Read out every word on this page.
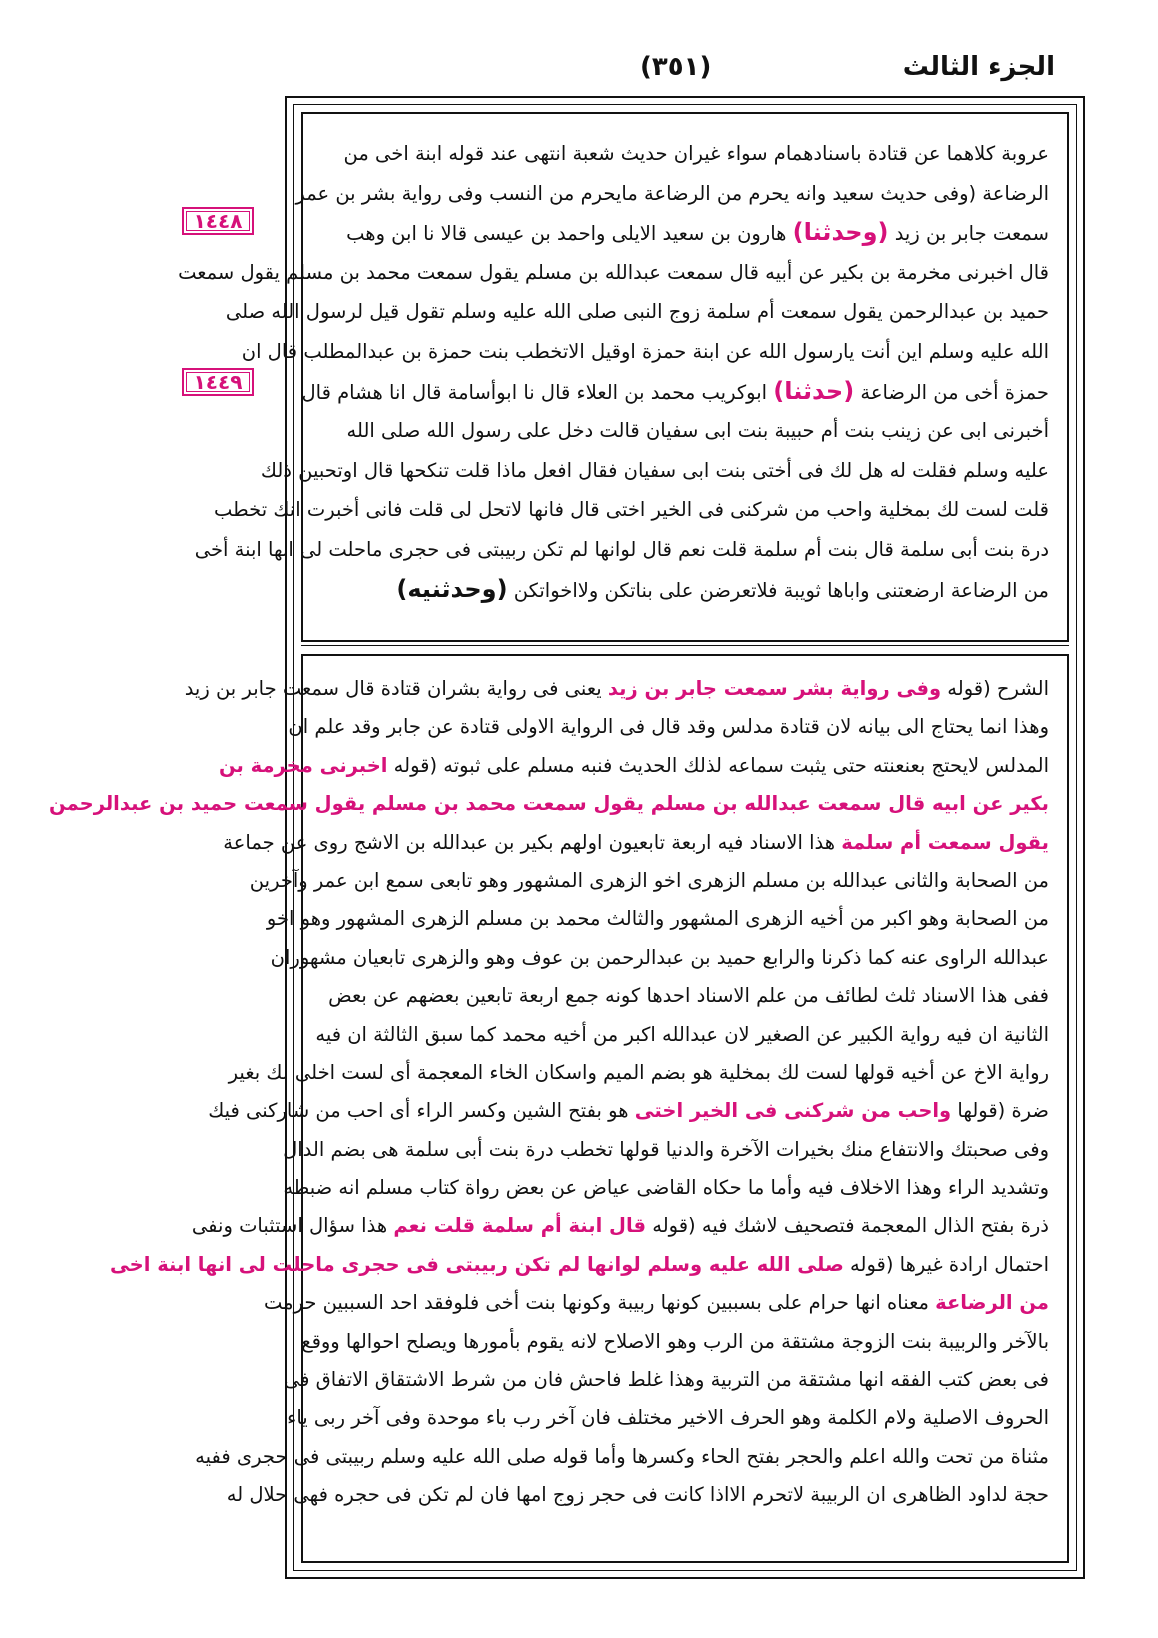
الجزء الثالث
(٣٥١)
١٤٤٨
١٤٤٩
عروبة كلاهما عن قتادة باسنادهمام سواء غيران حديث شعبة انتهى عند قوله ابنة اخى من
الرضاعة (وفى حديث سعيد وانه يحرم من الرضاعة مايحرم من النسب وفى رواية بشر بن عمر
سمعت جابر بن زيد (وحدثنا) هارون بن سعيد الايلى واحمد بن عيسى قالا نا ابن وهب
قال اخبرنى مخرمة بن بكير عن أبيه قال سمعت عبدالله بن مسلم يقول سمعت محمد بن مسلم يقول سمعت
حميد بن عبدالرحمن يقول سمعت أم سلمة زوج النبى صلى الله عليه وسلم تقول قيل لرسول الله صلى
الله عليه وسلم اين أنت يارسول الله عن ابنة حمزة اوقيل الاتخطب بنت حمزة بن عبدالمطلب قال ان
حمزة أخى من الرضاعة (حدثنا) ابوكريب محمد بن العلاء قال نا ابوأسامة قال انا هشام قال
أخبرنى ابى عن زينب بنت أم حبيبة بنت ابى سفيان قالت دخل على رسول الله صلى الله
عليه وسلم فقلت له هل لك فى أختى بنت ابى سفيان فقال افعل ماذا قلت تنكحها قال اوتحبين ذلك
قلت لست لك بمخلية واحب من شركنى فى الخير اختى قال فانها لاتحل لى قلت فانى أخبرت انك تخطب
درة بنت أبى سلمة قال بنت أم سلمة قلت نعم قال لوانها لم تكن ربيبتى فى حجرى ماحلت لى انها ابنة أخى
من الرضاعة ارضعتنى واباها ثويبة فلاتعرضن على بناتكن ولااخواتكن (وحدثنيه)
الشرح (قوله وفى رواية بشر سمعت جابر بن زيد يعنى فى رواية بشران قتادة قال سمعت جابر بن زيد
وهذا انما يحتاج الى بيانه لان قتادة مدلس وقد قال فى الرواية الاولى قتادة عن جابر وقد علم ان
المدلس لايحتج بعنعنته حتى يثبت سماعه لذلك الحديث فنبه مسلم على ثبوته (قوله اخبرنى مخرمة بن
بكير عن ابيه قال سمعت عبدالله بن مسلم يقول سمعت محمد بن مسلم يقول سمعت حميد بن عبدالرحمن
يقول سمعت أم سلمة هذا الاسناد فيه اربعة تابعيون اولهم بكير بن عبدالله بن الاشج روى عن جماعة
من الصحابة والثانى عبدالله بن مسلم الزهرى اخو الزهرى المشهور وهو تابعى سمع ابن عمر وآخرين
من الصحابة وهو اكبر من أخيه الزهرى المشهور والثالث محمد بن مسلم الزهرى المشهور وهو اخو
عبدالله الراوى عنه كما ذكرنا والرابع حميد بن عبدالرحمن بن عوف وهو والزهرى تابعيان مشهوران
ففى هذا الاسناد ثلث لطائف من علم الاسناد احدها كونه جمع اربعة تابعين بعضهم عن بعض
الثانية ان فيه رواية الكبير عن الصغير لان عبدالله اكبر من أخيه محمد كما سبق الثالثة ان فيه
رواية الاخ عن أخيه قولها لست لك بمخلية هو بضم الميم واسكان الخاء المعجمة أى لست اخلى لك بغير
ضرة (قولها واحب من شركنى فى الخير اختى هو بفتح الشين وكسر الراء أى احب من شاركنى فيك
وفى صحبتك والانتفاع منك بخيرات الآخرة والدنيا قولها تخطب درة بنت أبى سلمة هى بضم الدال
وتشديد الراء وهذا الاخلاف فيه وأما ما حكاه القاضى عياض عن بعض رواة كتاب مسلم انه ضبطه
ذرة بفتح الذال المعجمة فتصحيف لاشك فيه (قوله قال ابنة أم سلمة قلت نعم هذا سؤال استثبات ونفى
احتمال ارادة غيرها (قوله صلى الله عليه وسلم لوانها لم تكن ربيبتى فى حجرى ماحلت لى انها ابنة اخى
من الرضاعة معناه انها حرام على بسببين كونها ربيبة وكونها بنت أخى فلوفقد احد السببين حرمت
بالآخر والربيبة بنت الزوجة مشتقة من الرب وهو الاصلاح لانه يقوم بأمورها ويصلح احوالها ووقع
فى بعض كتب الفقه انها مشتقة من التربية وهذا غلط فاحش فان من شرط الاشتقاق الاتفاق فى
الحروف الاصلية ولام الكلمة وهو الحرف الاخير مختلف فان آخر رب باء موحدة وفى آخر ربى ياء
مثناة من تحت والله اعلم والحجر بفتح الحاء وكسرها وأما قوله صلى الله عليه وسلم ربيبتى فى حجرى ففيه
حجة لداود الظاهرى ان الربيبة لاتحرم الااذا كانت فى حجر زوج امها فان لم تكن فى حجره فهى حلال له
